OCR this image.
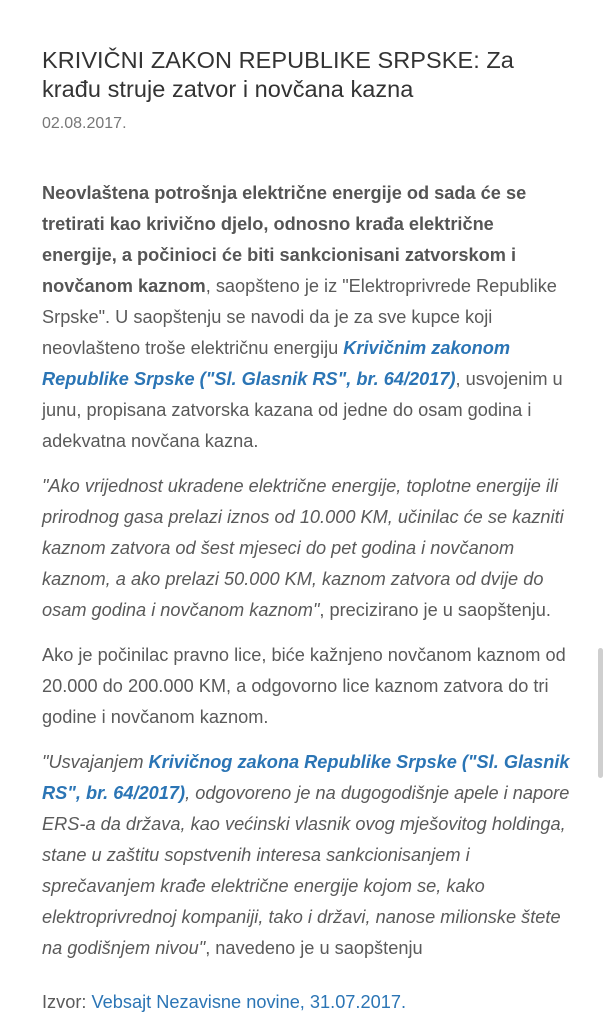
KRIVIČNI ZAKON REPUBLIKE SRPSKE: Za krađu struje zatvor i novčana kazna
02.08.2017.

Neovlaštena potrošnja električne energije od sada će se tretirati kao krivično djelo, odnosno krađa električne energije, a počinioci će biti sankcionisani zatvorskom i novčanom kaznom, saopšteno je iz "Elektroprivrede Republike Srpske". U saopštenju se navodi da je za sve kupce koji neovlašteno troše električnu energiju Krivičnim zakonom Republike Srpske ("Sl. Glasnik RS", br. 64/2017), usvojenim u junu, propisana zatvorska kazana od jedne do osam godina i adekvatna novčana kazna.

"Ako vrijednost ukradene električne energije, toplotne energije ili prirodnog gasa prelazi iznos od 10.000 KM, učinilac će se kazniti kaznom zatvora od šest mjeseci do pet godina i novčanom kaznom, a ako prelazi 50.000 KM, kaznom zatvora od dvije do osam godina i novčanom kaznom", precizirano je u saopštenju.

Ako je počinilac pravno lice, biće kažnjeno novčanom kaznom od 20.000 do 200.000 KM, a odgovorno lice kaznom zatvora do tri godine i novčanom kaznom.

"Usvajanjem Krivičnog zakona Republike Srpske ("Sl. Glasnik RS", br. 64/2017), odgovoreno je na dugogodišnje apele i napore ERS-a da država, kao većinski vlasnik ovog mješovitog holdinga, stane u zaštitu sopstvenih interesa sankcionisanjem i sprečavanjem krađe električne energije kojom se, kako elektroprivrednoj kompaniji, tako i državi, nanose milionske štete na godišnjem nivou", navedeno je u saopštenju

Izvor: Vebsajt Nezavisne novine, 31.07.2017.
